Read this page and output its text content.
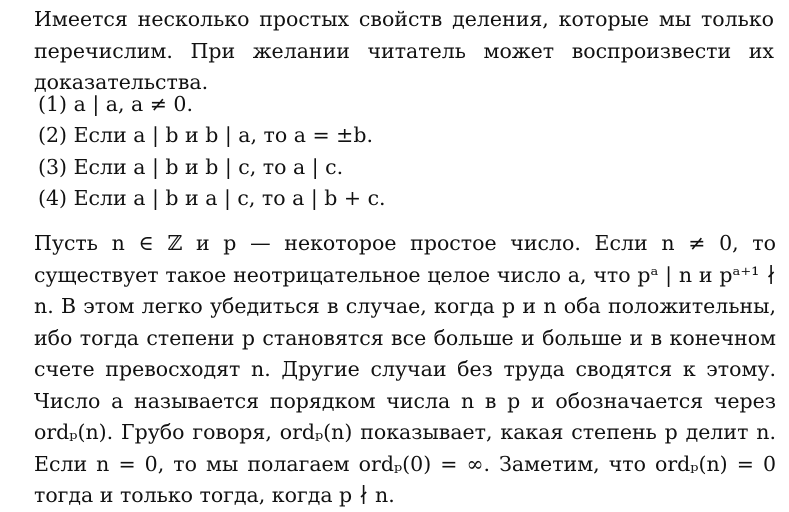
Имеется несколько простых свойств деления, которые мы только перечислим. При желании читатель может воспроизвести их доказательства.

(1) a | a, a ≠ 0.

(2) Если a | b и b | a, то a = ±b.

(3) Если a | b и b | c, то a | c.

(4) Если a | b и a | c, то a | b + c.

Пусть n ∈ ℤ и p — некоторое простое число. Если n ≠ 0, то существует такое неотрицательное целое число a, что pᵃ | n и pᵃ⁺¹ ∤ n. В этом легко убедиться в случае, когда p и n оба положительны, ибо тогда степени p становятся все больше и больше и в конечном счете превосходят n. Другие случаи без труда сводятся к этому. Число a называется порядком числа n в p и обозначается через ordₚ(n). Грубо говоря, ordₚ(n) показывает, какая степень p делит n. Если n = 0, то мы полагаем ordₚ(0) = ∞. Заметим, что ordₚ(n) = 0 тогда и только тогда, когда p ∤ n.
